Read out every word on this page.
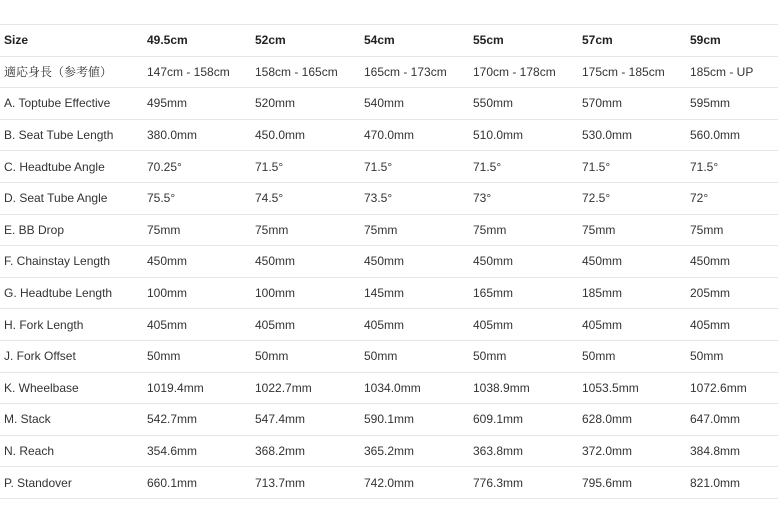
Size	49.5cm	52cm	54cm	55cm	57cm	59cm
適応身長（参考値）	147cm - 158cm	158cm - 165cm	165cm - 173cm	170cm - 178cm	175cm - 185cm	185cm - UP
A. Toptube Effective	495mm	520mm	540mm	550mm	570mm	595mm
B. Seat Tube Length	380.0mm	450.0mm	470.0mm	510.0mm	530.0mm	560.0mm
C. Headtube Angle	70.25°	71.5°	71.5°	71.5°	71.5°	71.5°
D. Seat Tube Angle	75.5°	74.5°	73.5°	73°	72.5°	72°
E. BB Drop	75mm	75mm	75mm	75mm	75mm	75mm
F. Chainstay Length	450mm	450mm	450mm	450mm	450mm	450mm
G. Headtube Length	100mm	100mm	145mm	165mm	185mm	205mm
H. Fork Length	405mm	405mm	405mm	405mm	405mm	405mm
J. Fork Offset	50mm	50mm	50mm	50mm	50mm	50mm
K. Wheelbase	1019.4mm	1022.7mm	1034.0mm	1038.9mm	1053.5mm	1072.6mm
M. Stack	542.7mm	547.4mm	590.1mm	609.1mm	628.0mm	647.0mm
N. Reach	354.6mm	368.2mm	365.2mm	363.8mm	372.0mm	384.8mm
P. Standover	660.1mm	713.7mm	742.0mm	776.3mm	795.6mm	821.0mm
